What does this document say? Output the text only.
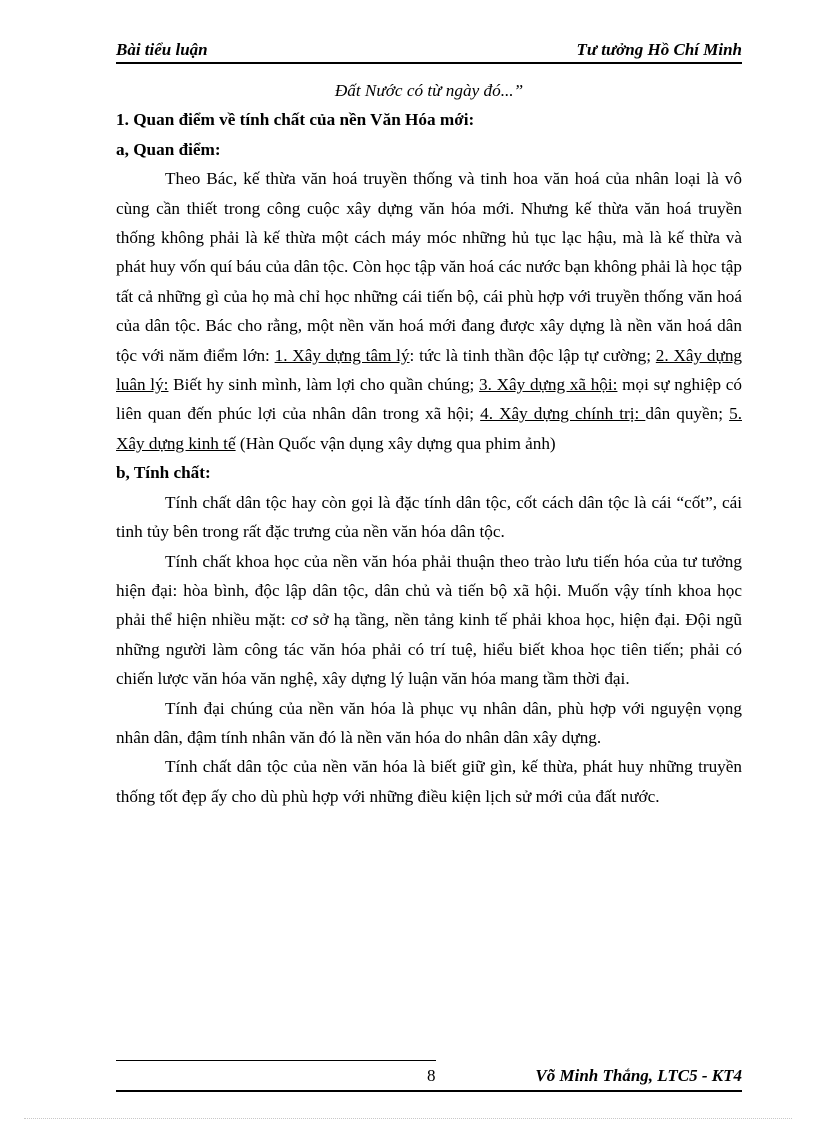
Bài tiểu luận	Tư tưởng Hồ Chí Minh

Đất Nước có từ ngày đó...”

1. Quan điểm về tính chất của nền Văn Hóa mới:

a, Quan điểm:

Theo Bác, kế thừa văn hoá truyền thống và tinh hoa văn hoá của nhân loại là vô cùng cần thiết trong công cuộc xây dựng văn hóa mới. Nhưng kế thừa văn hoá truyền thống không phải là kế thừa một cách máy móc những hủ tục lạc hậu, mà là kế thừa và phát huy vốn quí báu của dân tộc. Còn học tập văn hoá các nước bạn không phải là học tập tất cả những gì của họ mà chỉ học những cái tiến bộ, cái phù hợp với truyền thống văn hoá của dân tộc. Bác cho rằng, một nền văn hoá mới đang được xây dựng là nền văn hoá dân tộc với năm điểm lớn: 1. Xây dựng tâm lý: tức là tinh thần độc lập tự cường; 2. Xây dựng luân lý: Biết hy sinh mình, làm lợi cho quần chúng; 3. Xây dựng xã hội: mọi sự nghiệp có liên quan đến phúc lợi của nhân dân trong xã hội; 4. Xây dựng chính trị: dân quyền; 5. Xây dựng kinh tế (Hàn Quốc vận dụng xây dựng qua phim ảnh)

b, Tính chất:

Tính chất dân tộc hay còn gọi là đặc tính dân tộc, cốt cách dân tộc là cái “cốt”, cái tinh tủy bên trong rất đặc trưng của nền văn hóa dân tộc.

Tính chất khoa học của nền văn hóa phải thuận theo trào lưu tiến hóa của tư tưởng hiện đại: hòa bình, độc lập dân tộc, dân chủ và tiến bộ xã hội. Muốn vậy tính khoa học phải thể hiện nhiều mặt: cơ sở hạ tầng, nền tảng kinh tế phải khoa học, hiện đại. Đội ngũ những người làm công tác văn hóa phải có trí tuệ, hiểu biết khoa học tiên tiến; phải có chiến lược văn hóa văn nghệ, xây dựng lý luận văn hóa mang tầm thời đại.

Tính đại chúng của nền văn hóa là phục vụ nhân dân, phù hợp với nguyện vọng nhân dân, đậm tính nhân văn đó là nền văn hóa do nhân dân xây dựng.

Tính chất dân tộc của nền văn hóa là biết giữ gìn, kế thừa, phát huy những truyền thống tốt đẹp ấy cho dù phù hợp với những điều kiện lịch sử mới của đất nước.

8	Võ Minh Thắng, LTC5 - KT4
